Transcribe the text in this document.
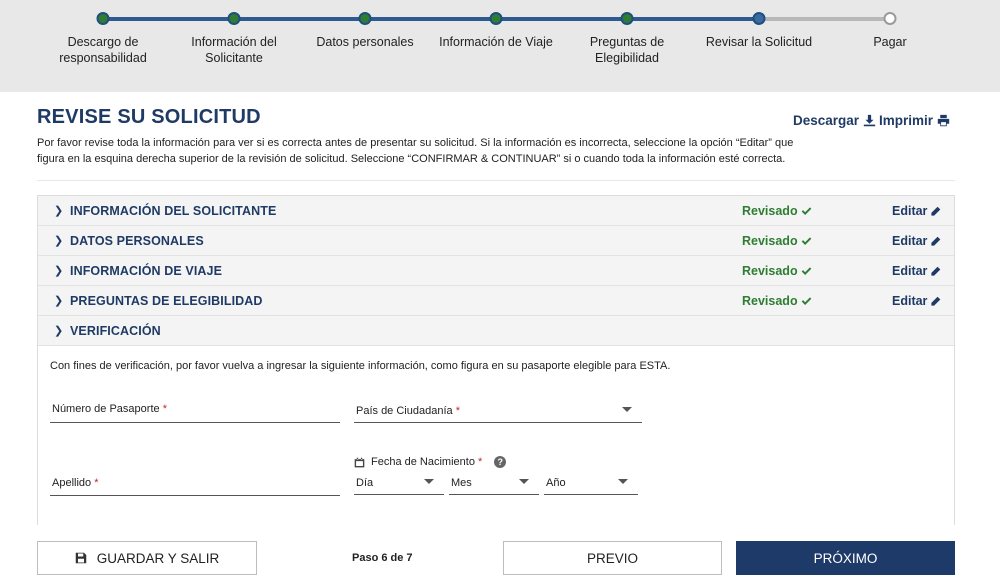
Descargo de responsabilidad
Información del Solicitante
Datos personales	Información de Viaje	Preguntas de Elegibilidad
Revisar la Solicitud	Pagar
REVISE SU SOLICITUD

Por favor revise toda la información para ver si es correcta antes de presentar su solicitud. Si la información es incorrecta, seleccione la opción “Editar” que figura en la esquina derecha superior de la revisión de solicitud. Seleccione “CONFIRMAR & CONTINUAR” si o cuando toda la información esté correcta.

Descargar Imprimir
❯ INFORMACIÓN DEL SOLICITANTE	Revisado	Editar
❯ DATOS PERSONALES	Revisado	Editar
❯ INFORMACIÓN DE VIAJE	Revisado	Editar
❯ PREGUNTAS DE ELEGIBILIDAD	Revisado	Editar
❯ VERIFICACIÓN

Con fines de verificación, por favor vuelva a ingresar la siguiente información, como figura en su pasaporte elegible para ESTA.

Número de Pasaporte *	País de Ciudadanía *
Apellido *
Fecha de Nacimiento *	?
Día	Mes	Año
GUARDAR Y SALIR	Paso 6 de 7	PREVIO	PRÓXIMO
